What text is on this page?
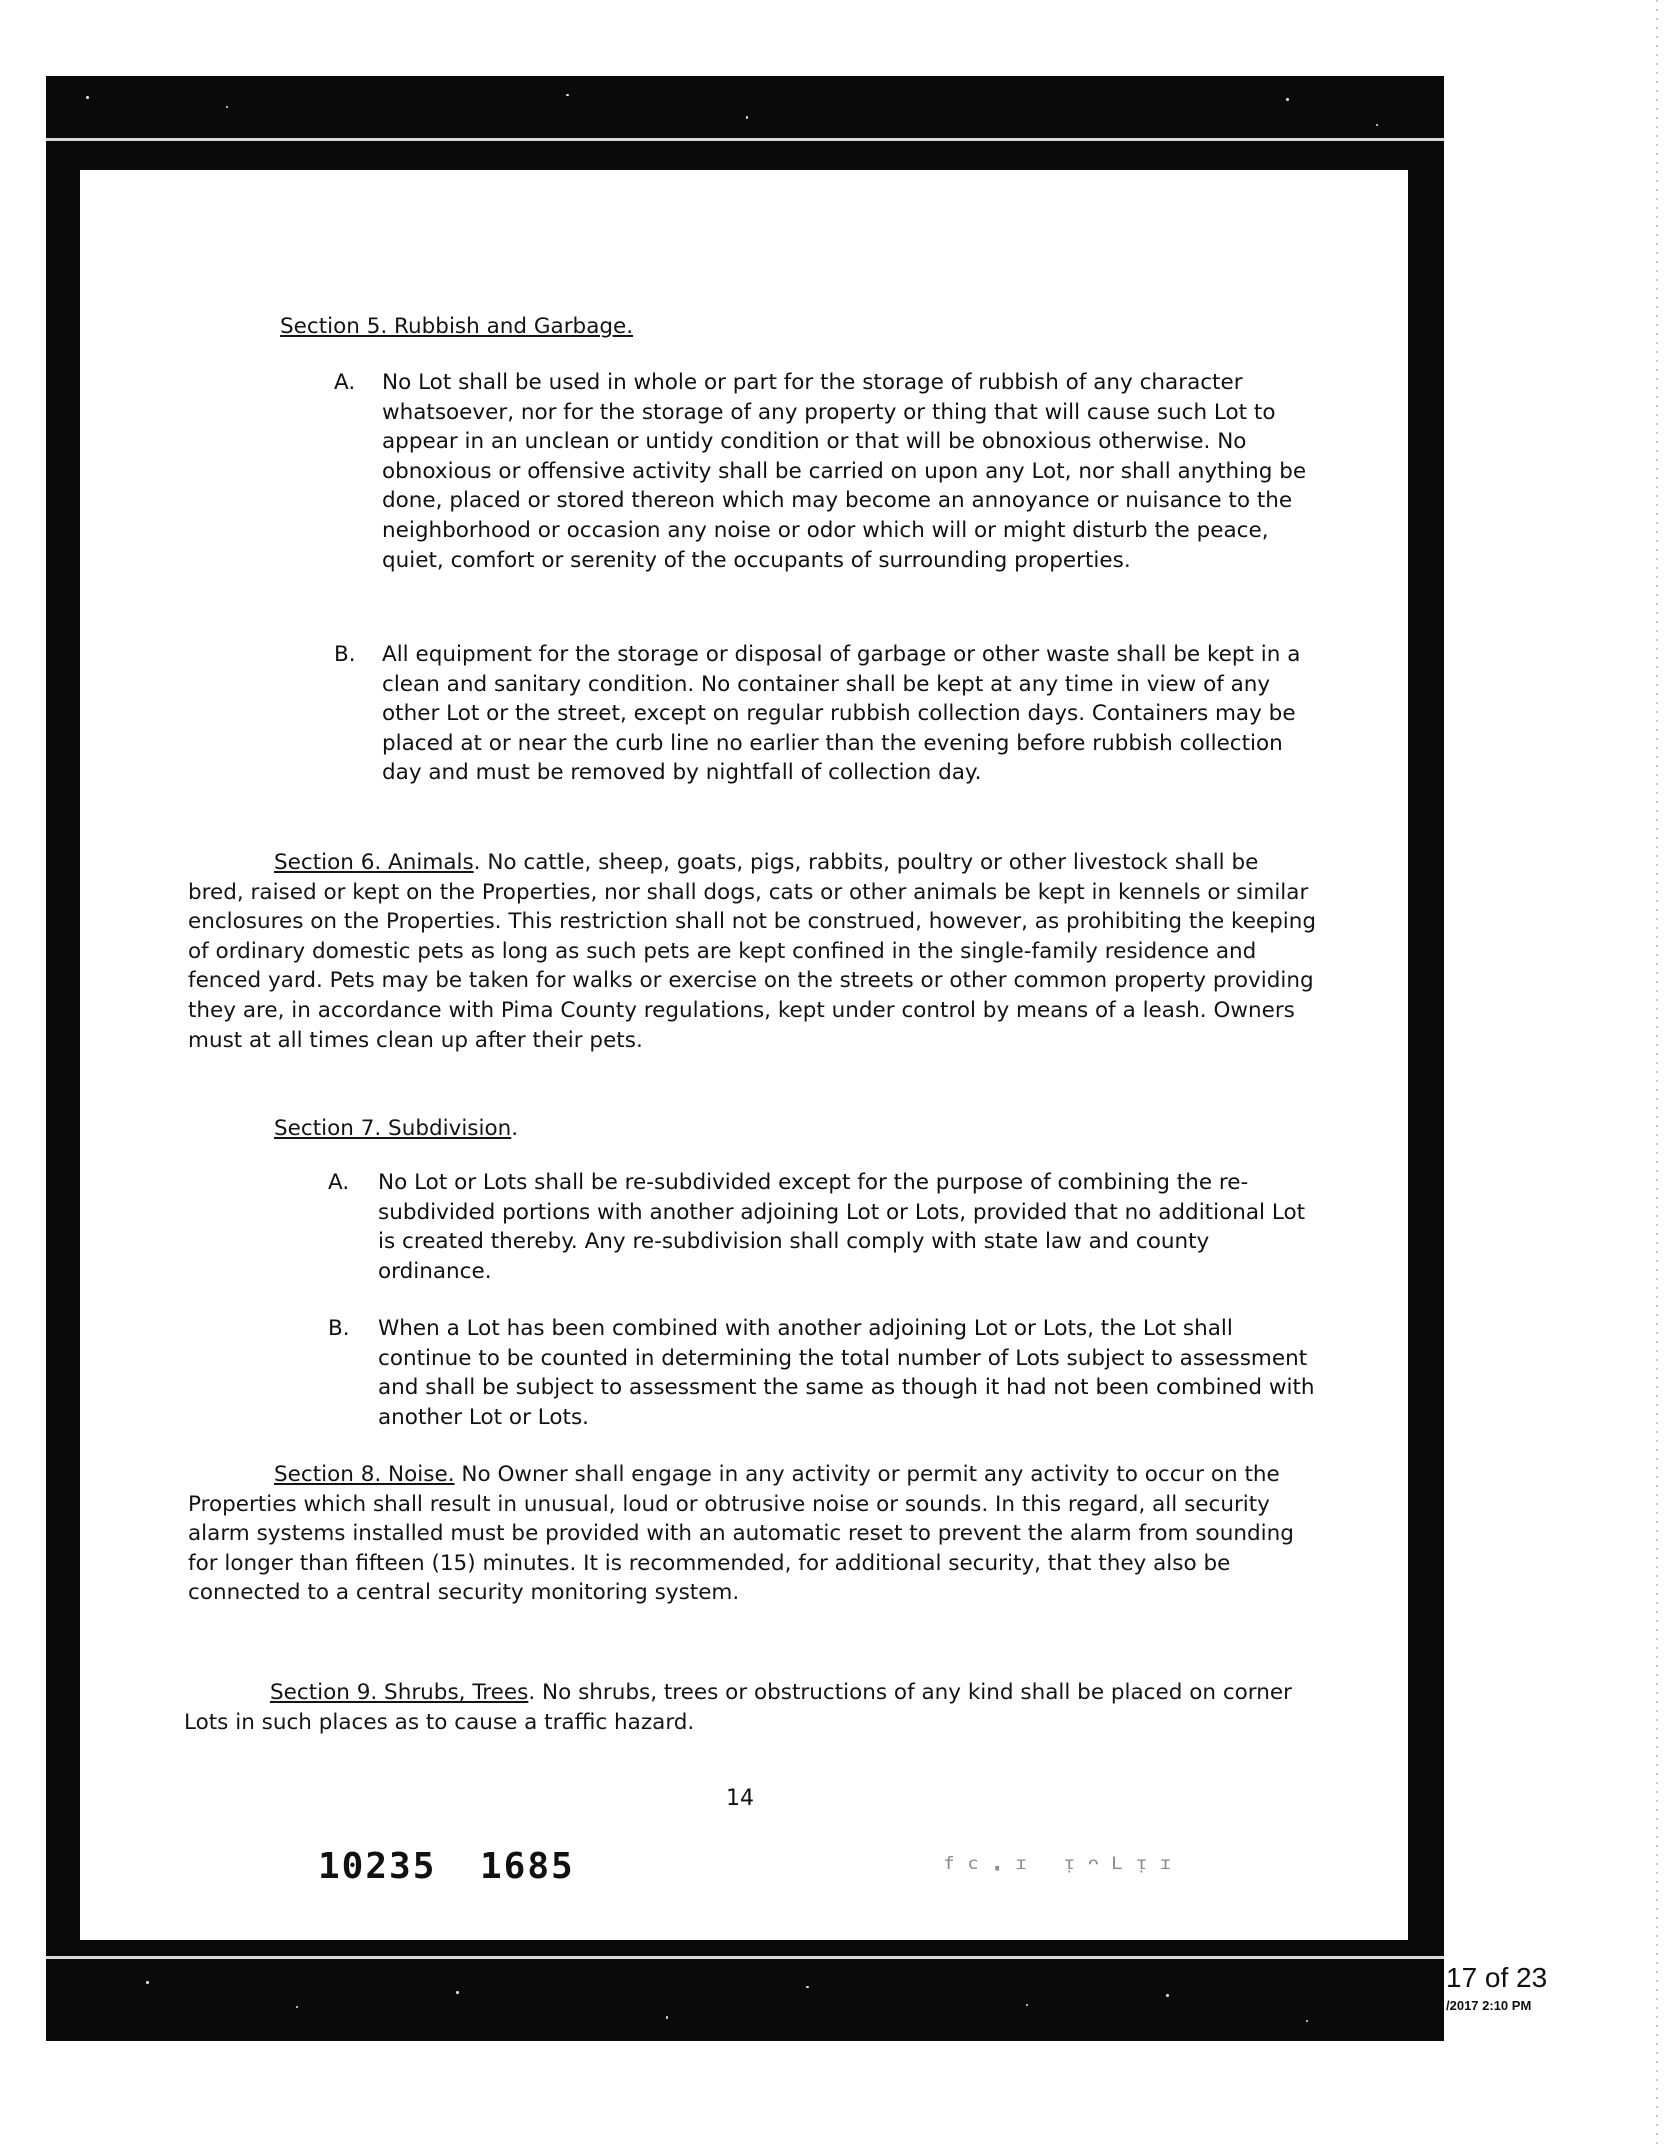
Section 5. Rubbish and Garbage.

A. No Lot shall be used in whole or part for the storage of rubbish of any character whatsoever, nor for the storage of any property or thing that will cause such Lot to appear in an unclean or untidy condition or that will be obnoxious otherwise. No obnoxious or offensive activity shall be carried on upon any Lot, nor shall anything be done, placed or stored thereon which may become an annoyance or nuisance to the neighborhood or occasion any noise or odor which will or might disturb the peace, quiet, comfort or serenity of the occupants of surrounding properties.

B. All equipment for the storage or disposal of garbage or other waste shall be kept in a clean and sanitary condition. No container shall be kept at any time in view of any other Lot or the street, except on regular rubbish collection days. Containers may be placed at or near the curb line no earlier than the evening before rubbish collection day and must be removed by nightfall of collection day.

Section 6. Animals. No cattle, sheep, goats, pigs, rabbits, poultry or other livestock shall be bred, raised or kept on the Properties, nor shall dogs, cats or other animals be kept in kennels or similar enclosures on the Properties. This restriction shall not be construed, however, as prohibiting the keeping of ordinary domestic pets as long as such pets are kept confined in the single-family residence and fenced yard. Pets may be taken for walks or exercise on the streets or other common property providing they are, in accordance with Pima County regulations, kept under control by means of a leash. Owners must at all times clean up after their pets.

Section 7. Subdivision.

A. No Lot or Lots shall be re-subdivided except for the purpose of combining the re-subdivided portions with another adjoining Lot or Lots, provided that no additional Lot is created thereby. Any re-subdivision shall comply with state law and county ordinance.

B. When a Lot has been combined with another adjoining Lot or Lots, the Lot shall continue to be counted in determining the total number of Lots subject to assessment and shall be subject to assessment the same as though it had not been combined with another Lot or Lots.

Section 8. Noise. No Owner shall engage in any activity or permit any activity to occur on the Properties which shall result in unusual, loud or obtrusive noise or sounds. In this regard, all security alarm systems installed must be provided with an automatic reset to prevent the alarm from sounding for longer than fifteen (15) minutes. It is recommended, for additional security, that they also be connected to a central security monitoring system.

Section 9. Shrubs, Trees. No shrubs, trees or obstructions of any kind shall be placed on corner Lots in such places as to cause a traffic hazard.

14
10235 1685	ᶠᶜ·ᶦ ᵎᵔᴸᵎᶦ
17 of 23
/2017 2:10 PM
